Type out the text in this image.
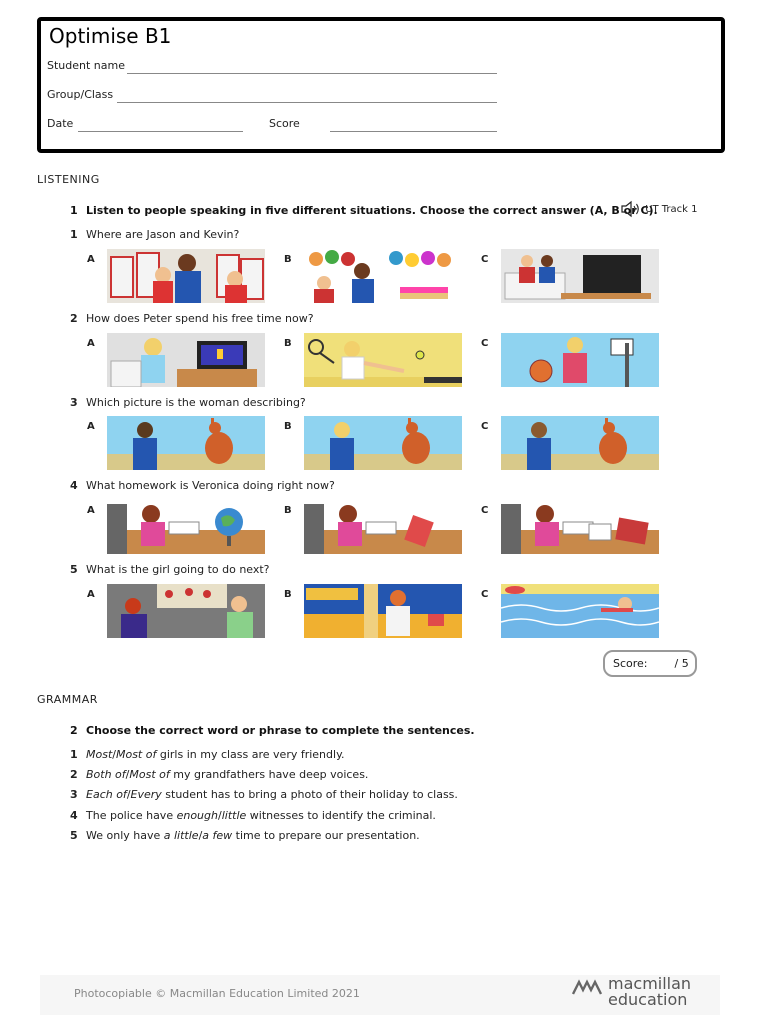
Optimise B1
Student name
Group/Class
Date	Score
LISTENING
1 Listen to people speaking in five different situations. Choose the correct answer (A, B or C).
UT Track 1
1 Where are Jason and Kevin?
A	B	C
2 How does Peter spend his free time now?
A	B	C
3 Which picture is the woman describing?
A	B	C
4 What homework is Veronica doing right now?
A	B	C
5 What is the girl going to do next?
A	B	C
Score: / 5
GRAMMAR
2 Choose the correct word or phrase to complete the sentences.
1 Most/Most of girls in my class are very friendly.
2 Both of/Most of my grandfathers have deep voices.
3 Each of/Every student has to bring a photo of their holiday to class.
4 The police have enough/little witnesses to identify the criminal.
5 We only have a little/a few time to prepare our presentation.
Photocopiable © Macmillan Education Limited 2021
macmillan
education
